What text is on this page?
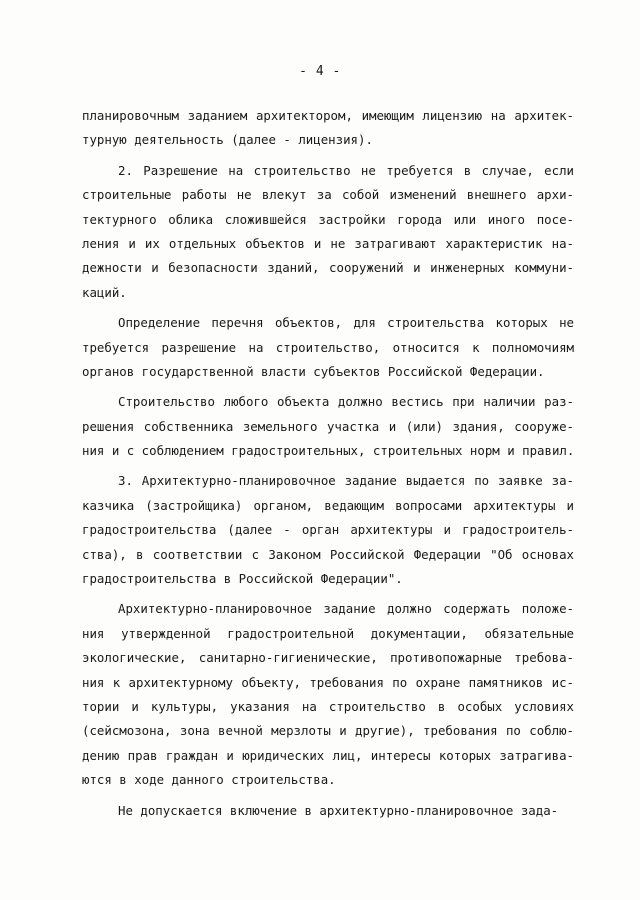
- 4 -
планировочным заданием архитектором, имеющим лицензию на архитек-
турную деятельность (далее - лицензия).
2. Разрешение на строительство не требуется в случае, если
строительные работы не влекут за собой изменений внешнего архи-
тектурного облика сложившейся застройки города или иного посе-
ления и их отдельных объектов и не затрагивают характеристик на-
дежности и безопасности зданий, сооружений и инженерных коммуни-
каций.
Определение перечня объектов, для строительства которых не
требуется разрешение на строительство, относится к полномочиям
органов государственной власти субъектов Российской Федерации.
Строительство любого объекта должно вестись при наличии раз-
решения собственника земельного участка и (или) здания, сооруже-
ния и с соблюдением градостроительных, строительных норм и правил.
3. Архитектурно-планировочное задание выдается по заявке за-
казчика (застройщика) органом, ведающим вопросами архитектуры и
градостроительства (далее - орган архитектуры и градостроитель-
ства), в соответствии с Законом Российской Федерации "Об основах
градостроительства в Российской Федерации".
Архитектурно-планировочное задание должно содержать положе-
ния утвержденной градостроительной документации, обязательные
экологические, санитарно-гигиенические, противопожарные требова-
ния к архитектурному объекту, требования по охране памятников ис-
тории и культуры, указания на строительство в особых условиях
(сейсмозона, зона вечной мерзлоты и другие), требования по соблю-
дению прав граждан и юридических лиц, интересы которых затрагива-
ются в ходе данного строительства.
Не допускается включение в архитектурно-планировочное зада-
